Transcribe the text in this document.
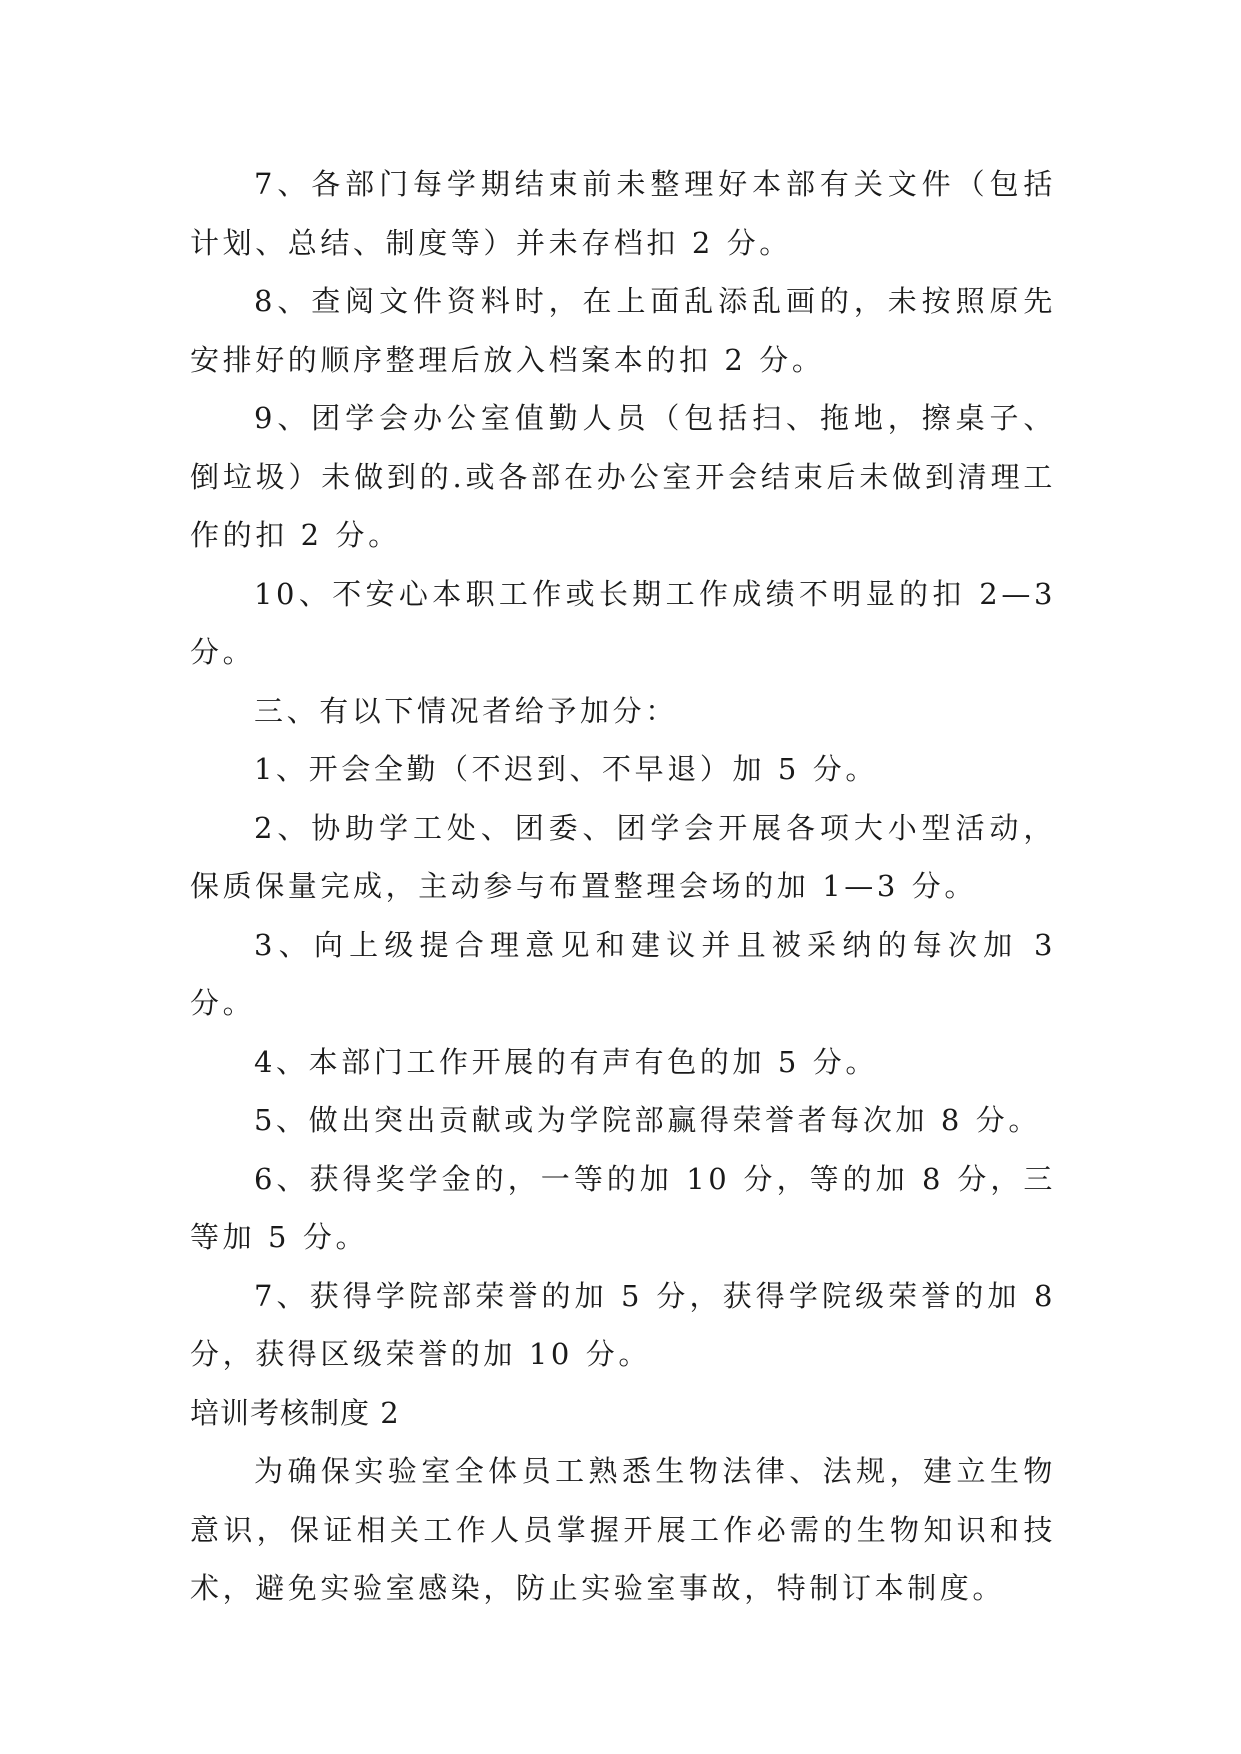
7、各部门每学期结束前未整理好本部有关文件（包括计划、总结、制度等）并未存档扣 2 分。

8、查阅文件资料时，在上面乱添乱画的，未按照原先安排好的顺序整理后放入档案本的扣 2 分。

9、团学会办公室值勤人员（包括扫、拖地，擦桌子、倒垃圾）未做到的.或各部在办公室开会结束后未做到清理工作的扣 2 分。

10、不安心本职工作或长期工作成绩不明显的扣 2—3 分。

三、有以下情况者给予加分：

1、开会全勤（不迟到、不早退）加 5 分。

2、协助学工处、团委、团学会开展各项大小型活动，保质保量完成，主动参与布置整理会场的加 1—3 分。

3、向上级提合理意见和建议并且被采纳的每次加 3 分。

4、本部门工作开展的有声有色的加 5 分。

5、做出突出贡献或为学院部赢得荣誉者每次加 8 分。

6、获得奖学金的，一等的加 10 分，等的加 8 分，三等加 5 分。

7、获得学院部荣誉的加 5 分，获得学院级荣誉的加 8 分，获得区级荣誉的加 10 分。

培训考核制度 2

为确保实验室全体员工熟悉生物法律、法规，建立生物意识，保证相关工作人员掌握开展工作必需的生物知识和技术，避免实验室感染，防止实验室事故，特制订本制度。
